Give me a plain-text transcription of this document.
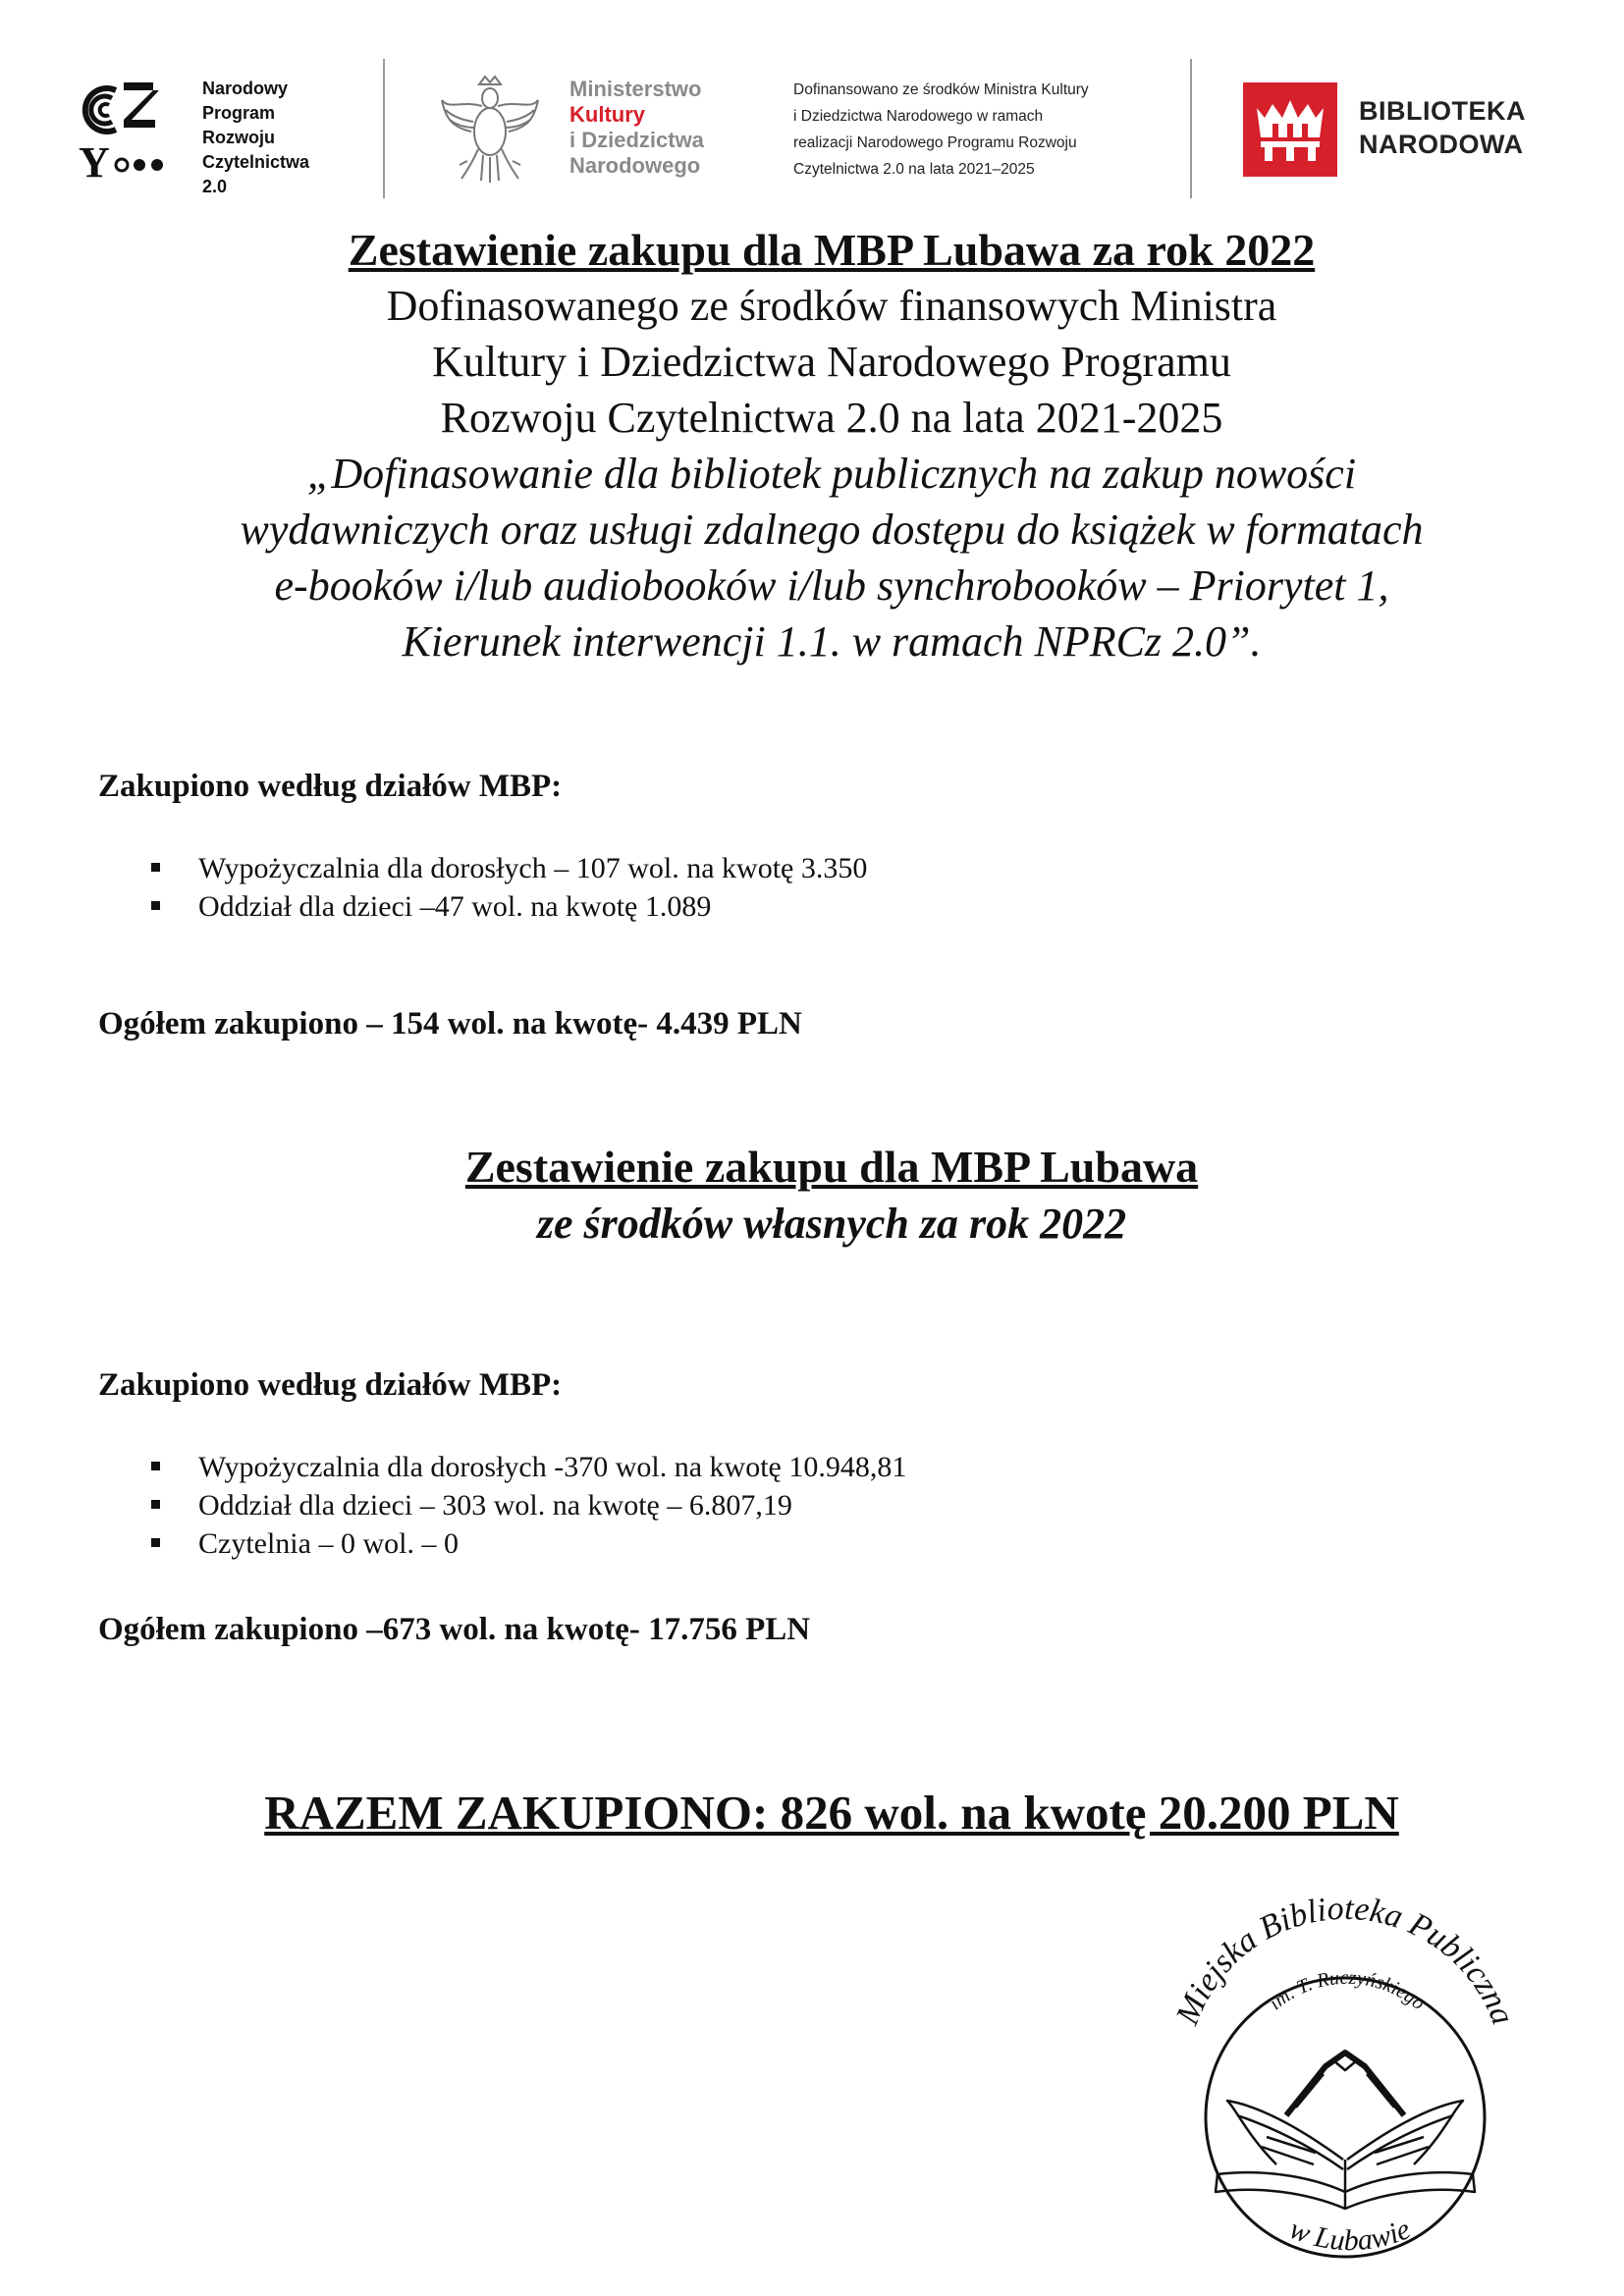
Y
Narodowy
Program
Rozwoju
Czytelnictwa
2.0
Ministerstwo
Kultury
i Dziedzictwa
Narodowego
Dofinansowano ze środków Ministra Kultury
i Dziedzictwa Narodowego w ramach
realizacji Narodowego Programu Rozwoju
Czytelnictwa 2.0 na lata 2021–2025
BIBLIOTEKA
NARODOWA
Zestawienie zakupu dla MBP Lubawa za rok 2022
Dofinasowanego ze środków finansowych Ministra
Kultury i Dziedzictwa Narodowego Programu
Rozwoju Czytelnictwa 2.0 na lata 2021-2025
„Dofinasowanie dla bibliotek publicznych na zakup nowości
wydawniczych oraz usługi zdalnego dostępu do książek w formatach
e-booków i/lub audiobooków i/lub synchrobooków – Priorytet 1,
Kierunek interwencji 1.1. w ramach NPRCz 2.0”.
Zakupiono według działów MBP:
Wypożyczalnia dla dorosłych – 107 wol. na kwotę 3.350
Oddział dla dzieci –47 wol. na kwotę 1.089
Ogółem zakupiono – 154 wol. na kwotę- 4.439 PLN
Zestawienie zakupu dla MBP Lubawa
ze środków własnych za rok 2022
Zakupiono według działów MBP:
Wypożyczalnia dla dorosłych -370 wol. na kwotę 10.948,81
Oddział dla dzieci – 303 wol. na kwotę – 6.807,19
Czytelnia – 0 wol. – 0
Ogółem zakupiono –673 wol. na kwotę- 17.756 PLN
RAZEM ZAKUPIONO: 826 wol. na kwotę 20.200 PLN
Miejska Biblioteka Publiczna
im. T. Ruczyńskiego
w Lubawie
